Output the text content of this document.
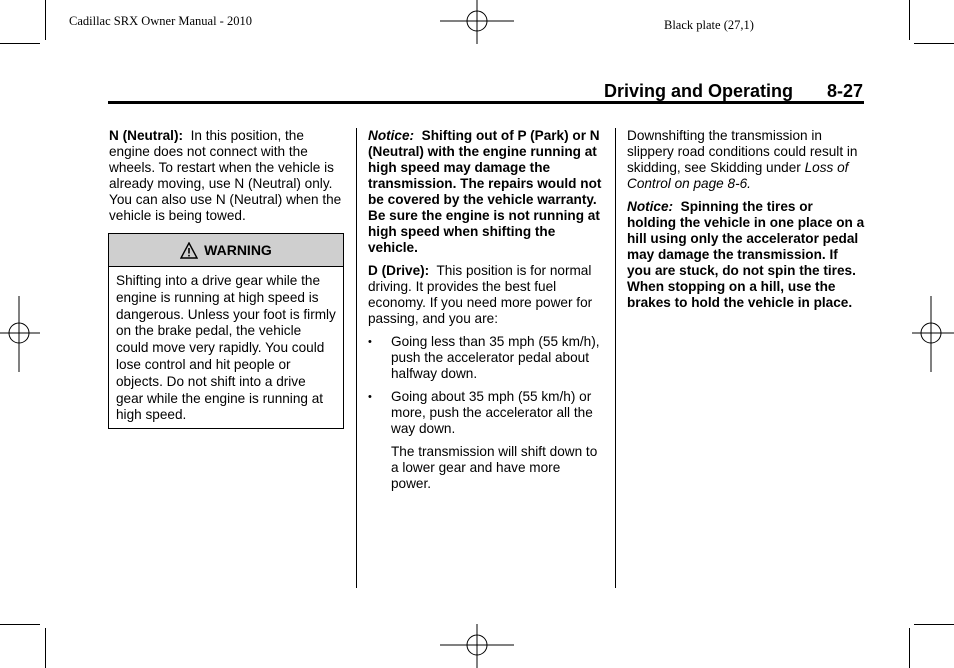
Cadillac SRX Owner Manual - 2010	Black plate (27,1)
Driving and Operating 8-27

N (Neutral): In this position, the engine does not connect with the wheels. To restart when the vehicle is already moving, use N (Neutral) only. You can also use N (Neutral) when the vehicle is being towed.

WARNING
Shifting into a drive gear while the engine is running at high speed is dangerous. Unless your foot is firmly on the brake pedal, the vehicle could move very rapidly. You could lose control and hit people or objects. Do not shift into a drive gear while the engine is running at high speed.

Notice: Shifting out of P (Park) or N (Neutral) with the engine running at high speed may damage the transmission. The repairs would not be covered by the vehicle warranty. Be sure the engine is not running at high speed when shifting the vehicle.

D (Drive): This position is for normal driving. It provides the best fuel economy. If you need more power for passing, and you are:

• Going less than 35 mph (55 km/h), push the accelerator pedal about halfway down.
• Going about 35 mph (55 km/h) or more, push the accelerator all the way down.

The transmission will shift down to a lower gear and have more power.

Downshifting the transmission in slippery road conditions could result in skidding, see Skidding under Loss of Control on page 8-6.

Notice: Spinning the tires or holding the vehicle in one place on a hill using only the accelerator pedal may damage the transmission. If you are stuck, do not spin the tires. When stopping on a hill, use the brakes to hold the vehicle in place.
